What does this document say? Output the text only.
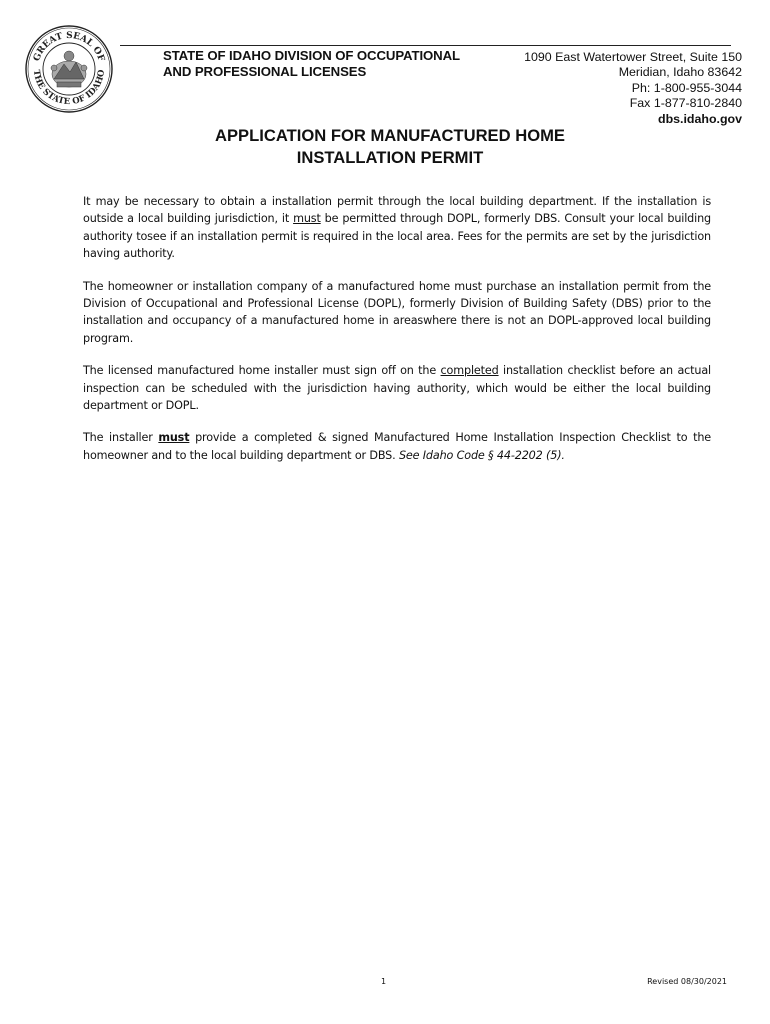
GREAT SEAL OF
THE STATE OF IDAHO
STATE OF IDAHO DIVISION OF OCCUPATIONAL
AND PROFESSIONAL LICENSES
1090 East Watertower Street, Suite 150
Meridian, Idaho 83642
Ph: 1-800-955-3044
Fax 1-877-810-2840
dbs.idaho.gov
APPLICATION FOR MANUFACTURED HOME
INSTALLATION PERMIT

It may be necessary to obtain a installation permit through the local building department. If the installation is outside a local building jurisdiction, it must be permitted through DOPL, formerly DBS. Consult your local building authority tosee if an installation permit is required in the local area. Fees for the permits are set by the jurisdiction having authority.

The homeowner or installation company of a manufactured home must purchase an installation permit from the Division of Occupational and Professional License (DOPL), formerly Division of Building Safety (DBS) prior to the installation and occupancy of a manufactured home in areaswhere there is not an DOPL-approved local building program.

The licensed manufactured home installer must sign off on the completed installation checklist before an actual inspection can be scheduled with the jurisdiction having authority, which would be either the local building department or DOPL.

The installer must provide a completed & signed Manufactured Home Installation Inspection Checklist to the homeowner and to the local building department or DBS. See Idaho Code § 44-2202 (5).

1	Revised 08/30/2021
